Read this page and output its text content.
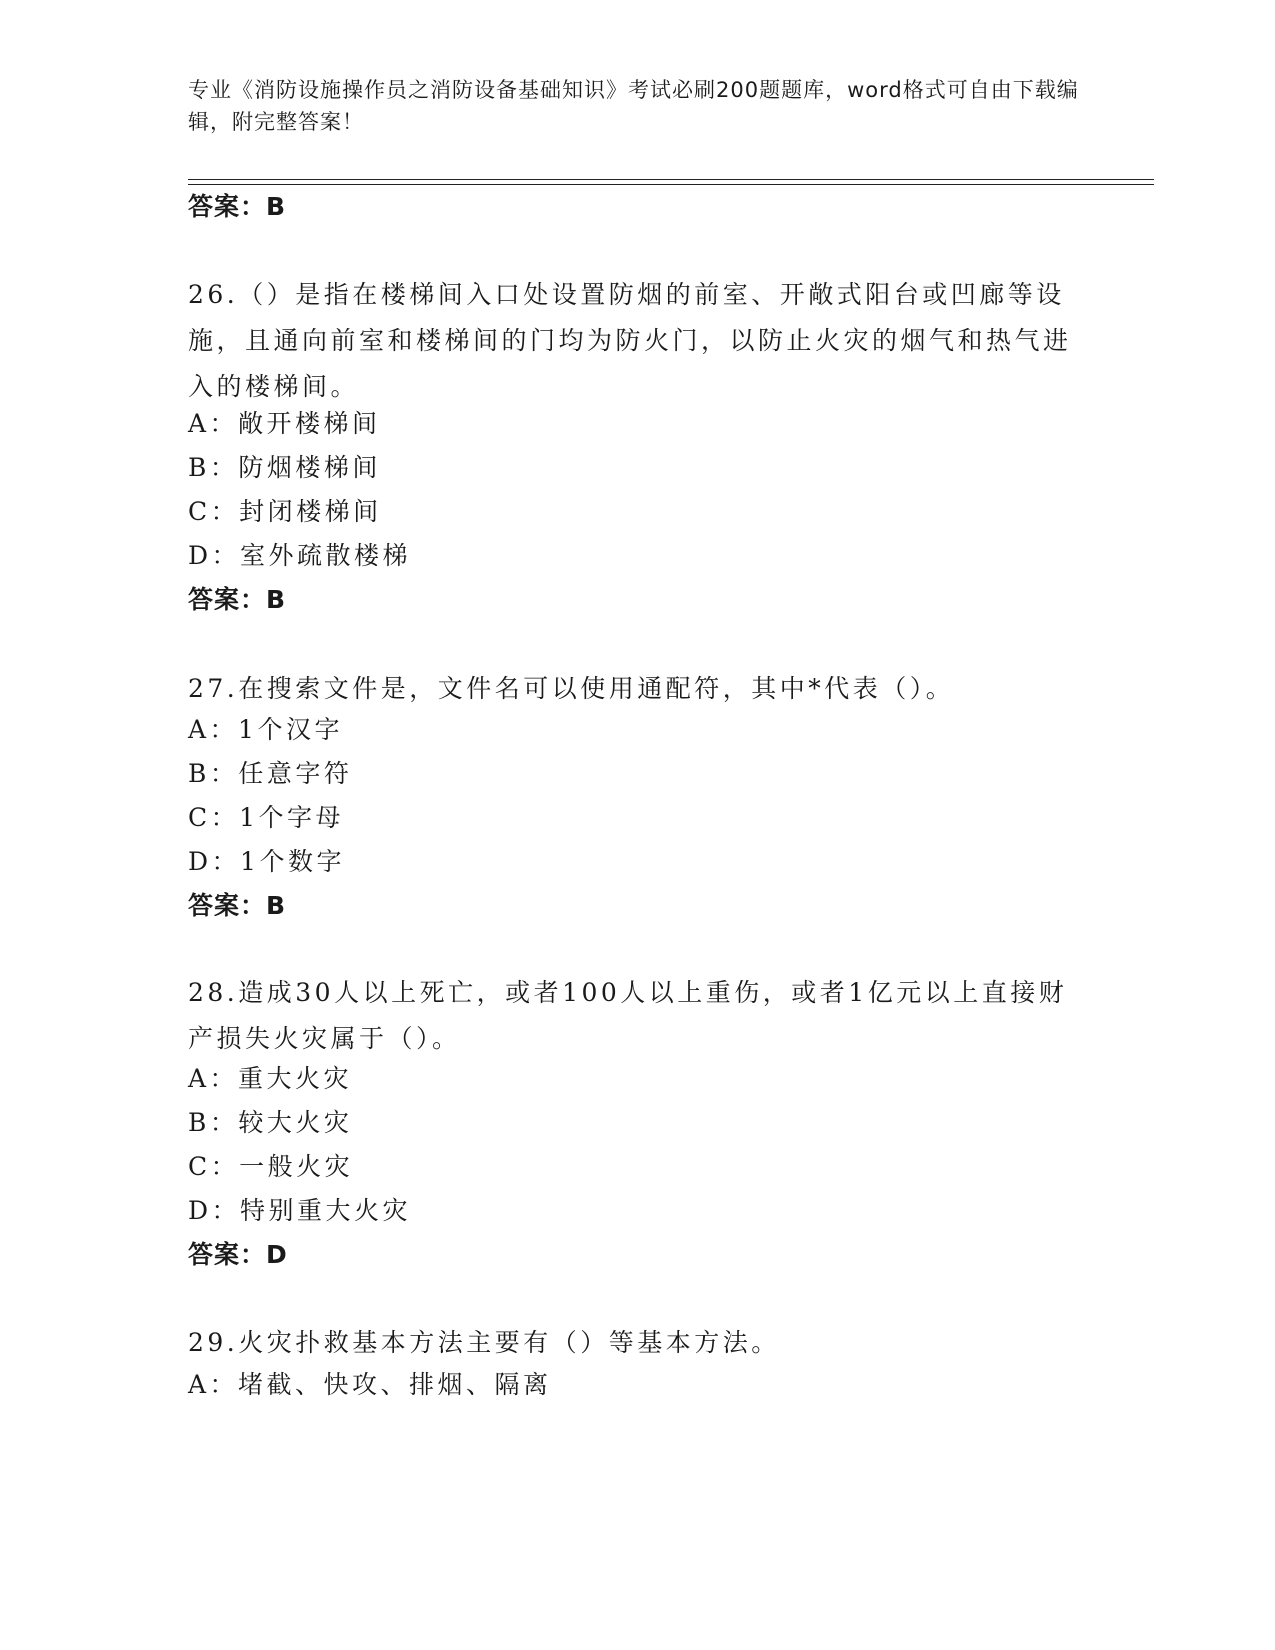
专业《消防设施操作员之消防设备基础知识》考试必刷200题题库，word格式可自由下载编辑，附完整答案！
答案：B
26.（）是指在楼梯间入口处设置防烟的前室、开敞式阳台或凹廊等设施，且通向前室和楼梯间的门均为防火门，以防止火灾的烟气和热气进入的楼梯间。
A：敞开楼梯间
B：防烟楼梯间
C：封闭楼梯间
D：室外疏散楼梯
答案：B
27.在搜索文件是，文件名可以使用通配符，其中*代表（）。
A：1个汉字
B：任意字符
C：1个字母
D：1个数字
答案：B
28.造成30人以上死亡，或者100人以上重伤，或者1亿元以上直接财产损失火灾属于（）。
A：重大火灾
B：较大火灾
C：一般火灾
D：特别重大火灾
答案：D
29.火灾扑救基本方法主要有（）等基本方法。
A：堵截、快攻、排烟、隔离
